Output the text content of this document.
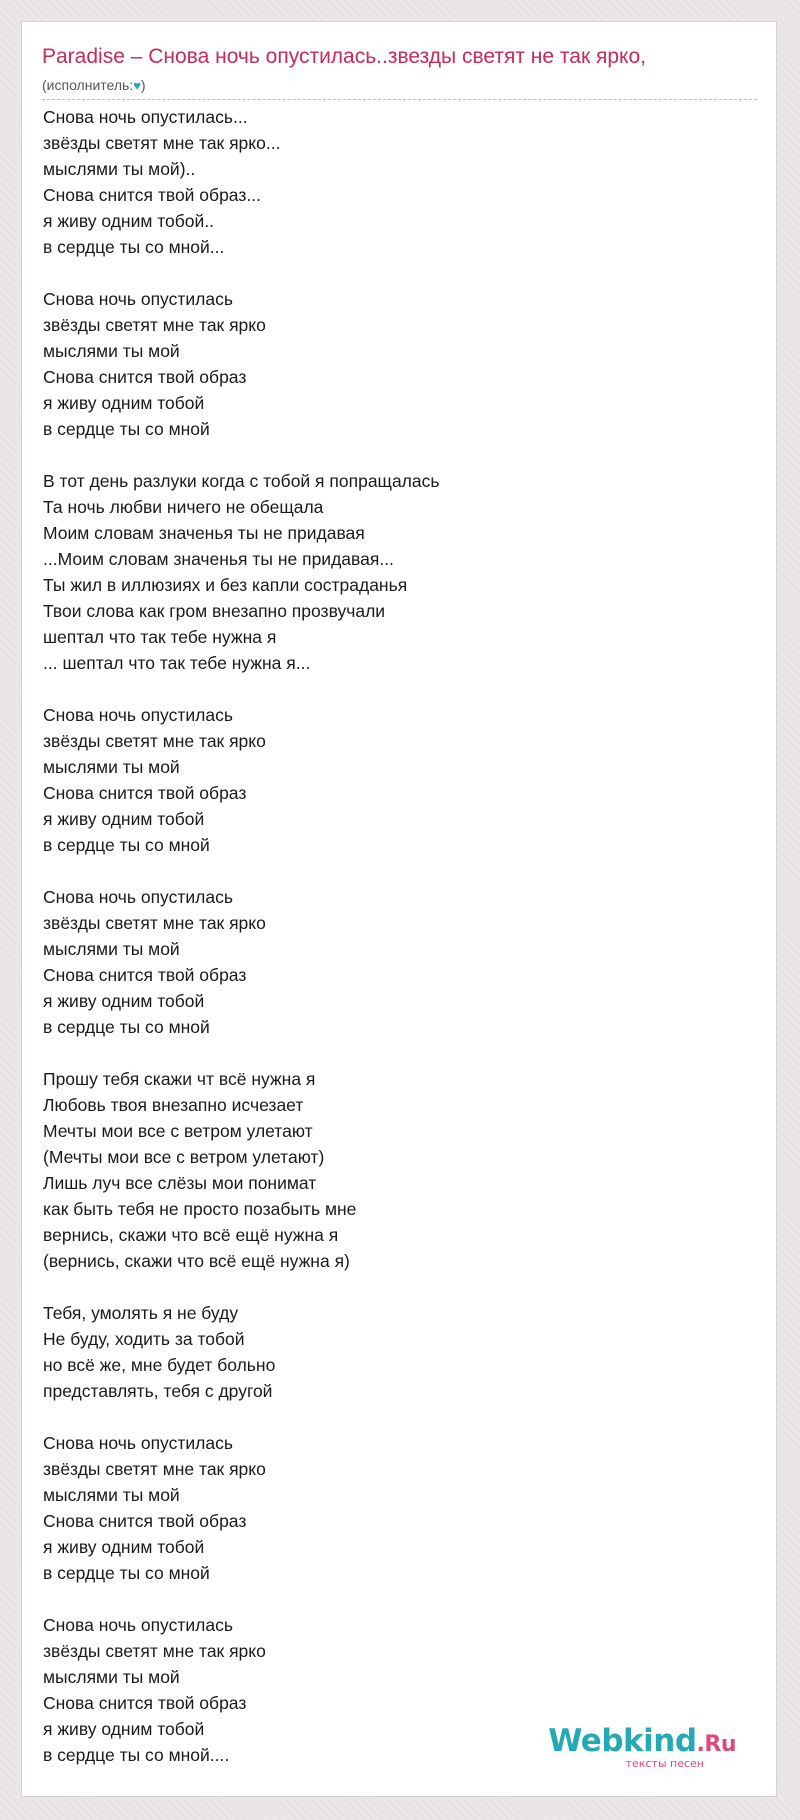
Paradise – Снова ночь опустилась..звезды светят не так ярко,
(исполнитель:♥)
Снова ночь опустилась...
звёзды светят мне так ярко...
мыслями ты мой)..
Снова снится твой образ...
я живу одним тобой..
в сердце ты со мной...
Снова ночь опустилась
звёзды светят мне так ярко
мыслями ты мой
Снова снится твой образ
я живу одним тобой
в сердце ты со мной
В тот день разлуки когда с тобой я попращалась
Та ночь любви ничего не обещала
Моим словам значенья ты не придавая
...Моим словам значенья ты не придавая...
Ты жил в иллюзиях и без капли состраданья
Твои слова как гром внезапно прозвучали
шептал что так тебе нужна я
... шептал что так тебе нужна я...
Снова ночь опустилась
звёзды светят мне так ярко
мыслями ты мой
Снова снится твой образ
я живу одним тобой
в сердце ты со мной
Снова ночь опустилась
звёзды светят мне так ярко
мыслями ты мой
Снова снится твой образ
я живу одним тобой
в сердце ты со мной
Прошу тебя скажи чт всё нужна я
Любовь твоя внезапно исчезает
Мечты мои все с ветром улетают
(Мечты мои все с ветром улетают)
Лишь луч все слёзы мои понимат
как быть тебя не просто позабыть мне
вернись, скажи что всё ещё нужна я
(вернись, скажи что всё ещё нужна я)
Тебя, умолять я не буду
Не буду, ходить за тобой
но всё же, мне будет больно
представлять, тебя с другой
Снова ночь опустилась
звёзды светят мне так ярко
мыслями ты мой
Снова снится твой образ
я живу одним тобой
в сердце ты со мной
Снова ночь опустилась
звёзды светят мне так ярко
мыслями ты мой
Снова снится твой образ
я живу одним тобой
в сердце ты со мной....	Webkind.Ru
тексты песен
